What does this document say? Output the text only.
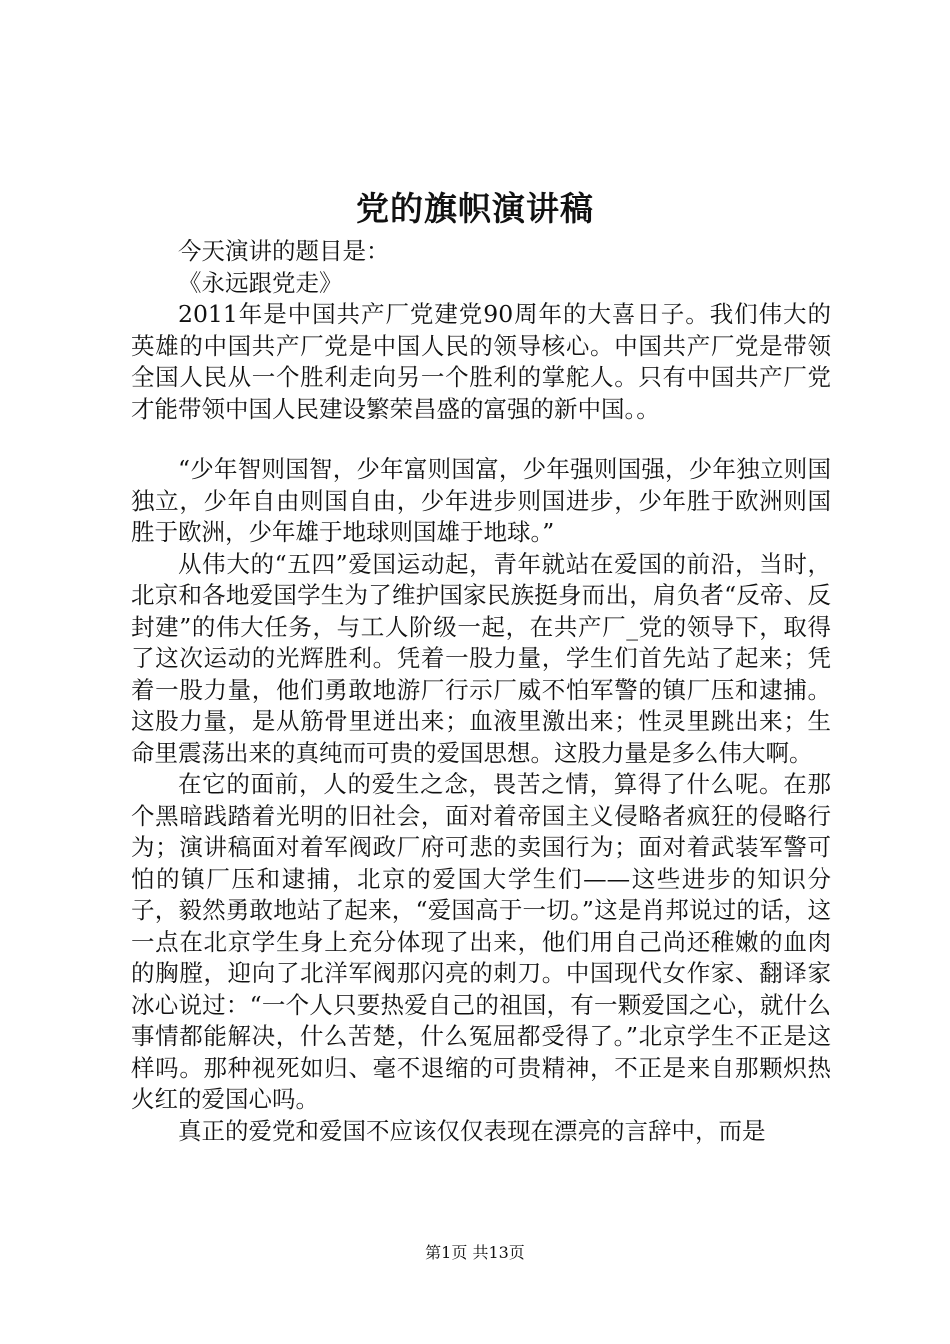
党的旗帜演讲稿

今天演讲的题目是：

《永远跟党走》

2011年是中国共产厂党建党90周年的大喜日子。我们伟大的英雄的中国共产厂党是中国人民的领导核心。中国共产厂党是带领全国人民从一个胜利走向另一个胜利的掌舵人。只有中国共产厂党才能带领中国人民建设繁荣昌盛的富强的新中国。。

“少年智则国智，少年富则国富，少年强则国强，少年独立则国独立，少年自由则国自由，少年进步则国进步，少年胜于欧洲则国胜于欧洲，少年雄于地球则国雄于地球。”

从伟大的“五四”爱国运动起，青年就站在爱国的前沿，当时，北京和各地爱国学生为了维护国家民族挺身而出，肩负者“反帝、反封建”的伟大任务，与工人阶级一起，在共产厂_党的领导下，取得了这次运动的光辉胜利。凭着一股力量，学生们首先站了起来；凭着一股力量，他们勇敢地游厂行示厂威不怕军警的镇厂压和逮捕。这股力量，是从筋骨里迸出来；血液里激出来；性灵里跳出来；生命里震荡出来的真纯而可贵的爱国思想。这股力量是多么伟大啊。

在它的面前，人的爱生之念，畏苦之情，算得了什么呢。在那个黑暗践踏着光明的旧社会，面对着帝国主义侵略者疯狂的侵略行为；演讲稿面对着军阀政厂府可悲的卖国行为；面对着武装军警可怕的镇厂压和逮捕，北京的爱国大学生们——这些进步的知识分子，毅然勇敢地站了起来，“爱国高于一切。”这是肖邦说过的话，这一点在北京学生身上充分体现了出来，他们用自己尚还稚嫩的血肉的胸膛，迎向了北洋军阀那闪亮的刺刀。中国现代女作家、翻译家冰心说过：“一个人只要热爱自己的祖国，有一颗爱国之心，就什么事情都能解决，什么苦楚，什么冤屈都受得了。”北京学生不正是这样吗。那种视死如归、毫不退缩的可贵精神，不正是来自那颗炽热火红的爱国心吗。

真正的爱党和爱国不应该仅仅表现在漂亮的言辞中，而是

第1页 共13页
